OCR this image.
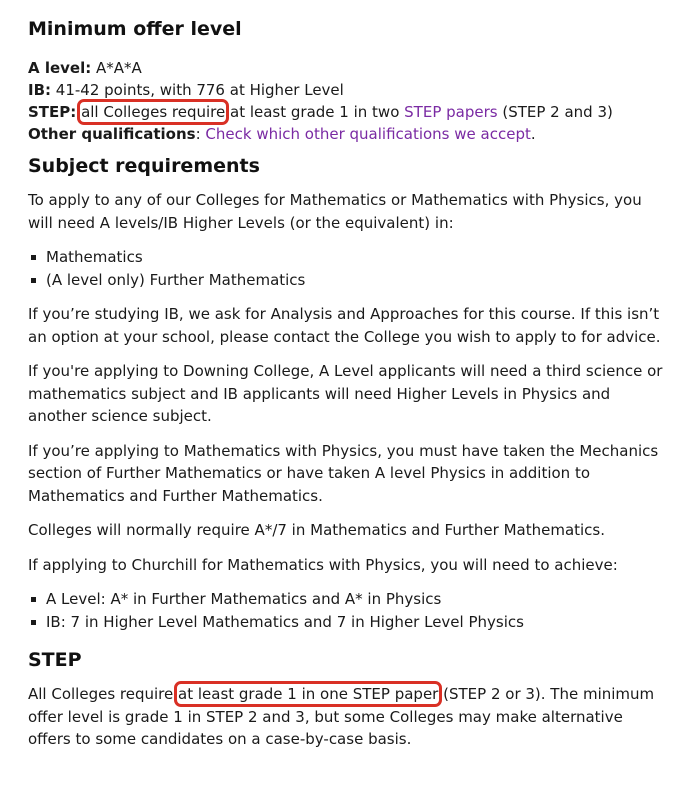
Minimum offer level
A level: A*A*A
IB: 41-42 points, with 776 at Higher Level
STEP: all Colleges require at least grade 1 in two STEP papers (STEP 2 and 3)
Other qualifications: Check which other qualifications we accept.
Subject requirements

To apply to any of our Colleges for Mathematics or Mathematics with Physics, you will need A levels/IB Higher Levels (or the equivalent) in:

Mathematics
(A level only) Further Mathematics

If you’re studying IB, we ask for Analysis and Approaches for this course. If this isn’t an option at your school, please contact the College you wish to apply to for advice.

If you're applying to Downing College, A Level applicants will need a third science or mathematics subject and IB applicants will need Higher Levels in Physics and another science subject.

If you’re applying to Mathematics with Physics, you must have taken the Mechanics section of Further Mathematics or have taken A level Physics in addition to Mathematics and Further Mathematics.

Colleges will normally require A*/7 in Mathematics and Further Mathematics.

If applying to Churchill for Mathematics with Physics, you will need to achieve:

A Level: A* in Further Mathematics and A* in Physics
IB: 7 in Higher Level Mathematics and 7 in Higher Level Physics
STEP

All Colleges require at least grade 1 in one STEP paper (STEP 2 or 3). The minimum offer level is grade 1 in STEP 2 and 3, but some Colleges may make alternative offers to some candidates on a case-by-case basis.
